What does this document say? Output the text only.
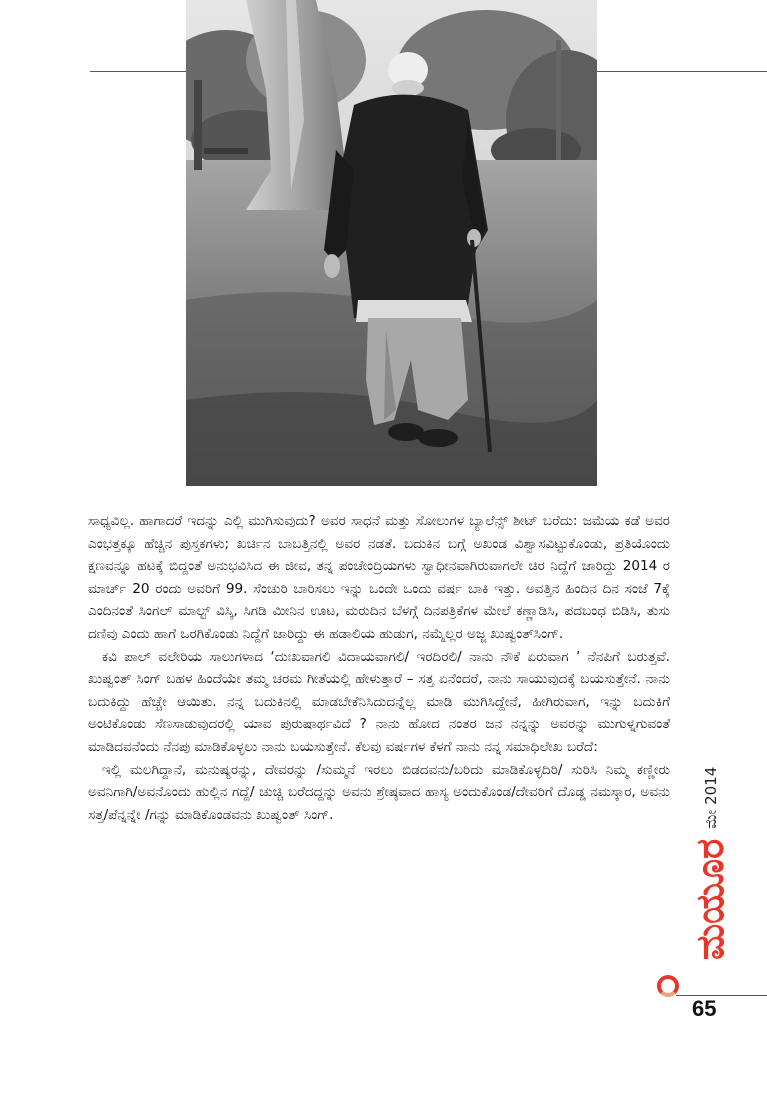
ಸಾಧ್ಯವಿಲ್ಲ. ಹಾಗಾದರೆ ಇದನ್ನು ಎಲ್ಲಿ ಮುಗಿಸುವುದು? ಅವರ ಸಾಧನೆ ಮತ್ತು ಸೋಲುಗಳ ಬ್ಯಾಲೆನ್ಸ್ ಶೀಟ್ ಬರೆದು: ಜಮೆಯ ಕಡೆ ಅವರ ಎಂಭತ್ತಕ್ಕೂ ಹೆಚ್ಚಿನ ಪುಸ್ತಕಗಳು; ಖರ್ಚಿನ ಬಾಬತ್ತಿನಲ್ಲಿ ಅವರ ನಡತೆ. ಬದುಕಿನ ಬಗ್ಗೆ ಅಖಂಡ ವಿಶ್ವಾಸವಿಟ್ಟುಕೊಂಡು, ಪ್ರತಿಯೊಂದು ಕ್ಷಣವನ್ನೂ ಹಟಕ್ಕೆ ಬಿದ್ದಂತೆ ಅನುಭವಿಸಿದ ಈ ಜೀವ, ತನ್ನ ಪಂಚೇಂದ್ರಿಯಗಳು ಸ್ವಾಧೀನವಾಗಿರುವಾಗಲೇ ಚಿರ ನಿದ್ದೆಗೆ ಜಾರಿದ್ದು 2014 ರ ಮಾರ್ಚ್ 20 ರಂದು ಅವರಿಗೆ 99. ಸೆಂಚುರಿ ಬಾರಿಸಲು ಇನ್ನು ಒಂದೇ ಒಂದು ವರ್ಷ ಬಾಕಿ ಇತ್ತು. ಅವತ್ತಿನ ಹಿಂದಿನ ದಿನ ಸಂಜೆ 7ಕ್ಕೆ ಎಂದಿನಂತೆ ಸಿಂಗಲ್ ಮಾಲ್ಟ್ ವಿಸ್ಕಿ, ಸಿಗಡಿ ಮೀನಿನ ಊಟ, ಮರುದಿನ ಬೆಳಗ್ಗೆ ದಿನಪತ್ರಿಕೆಗಳ ಮೇಲೆ ಕಣ್ಣಾಡಿಸಿ, ಪದಬಂಧ ಬಿಡಿಸಿ, ತುಸು ದಣಿವು ಎಂದು ಹಾಗೆ ಒರಗಿಕೊಂಡು ನಿದ್ದೆಗೆ ಜಾರಿದ್ದು ಈ ಹಡಾಲಿಯ ಹುಡುಗ, ನಮ್ಮೆಲ್ಲರ ಅಜ್ಜ ಖುಷ್ವಂತ್‌ಸಿಂಗ್.

ಕವಿ ಪಾಲ್ ವಲೇರಿಯ ಸಾಲುಗಳಾದ ‘ದುಃಖವಾಗಲಿ ವಿದಾಯವಾಗಲಿ/ ಇರದಿರಲಿ/ ನಾನು ನೌಕೆ ಏರುವಾಗ ’ ನೆನಪಿಗೆ ಬರುತ್ತವೆ. ಖುಷ್ವಂತ್ ಸಿಂಗ್ ಬಹಳ ಹಿಂದೆಯೇ ತಮ್ಮ ಚರಮ ಗೀತೆಯಲ್ಲಿ ಹೇಳುತ್ತಾರೆ – ಸತ್ತ ಏನೆಂದರೆ, ನಾನು ಸಾಯುವುದಕ್ಕೆ ಬಯಸುತ್ತೇನೆ. ನಾನು ಬದುಕಿದ್ದು ಹೆಚ್ಚೇ ಆಯಿತು. ನನ್ನ ಬದುಕಿನಲ್ಲಿ ಮಾಡಬೇಕೆನಿಸಿದುದನ್ನೆಲ್ಲ ಮಾಡಿ ಮುಗಿಸಿದ್ದೇನೆ, ಹೀಗಿರುವಾಗ, ಇನ್ನು ಬದುಕಿಗೆ ಅಂಟಿಕೊಂಡು ಸೆಣಸಾಡುವುದರಲ್ಲಿ ಯಾವ ಪುರುಷಾರ್ಥವಿದೆ ? ನಾನು ಹೋದ ನಂತರ ಜನ ನನ್ನನ್ನು ಅವರನ್ನು ಮುಗುಳ್ನಗುವಂತೆ ಮಾಡಿದವನೆಂದು ನೆನಪು ಮಾಡಿಕೊಳ್ಳಲು ನಾನು ಬಯಸುತ್ತೇನೆ. ಕೆಲವು ವರ್ಷಗಳ ಕೆಳಗೆ ನಾನು ನನ್ನ ಸಮಾಧಿಲೇಖ ಬರೆದೆ:

ಇಲ್ಲಿ ಮಲಗಿದ್ದಾನೆ, ಮನುಷ್ಯರನ್ನು, ದೇವರನ್ನು /ಸುಮ್ಮನೆ ಇರಲು ಬಿಡದವನು/ಬರಿದು ಮಾಡಿಕೊಳ್ಳದಿರಿ/ ಸುರಿಸಿ ನಿಮ್ಮ ಕಣ್ಣೀರು ಅವನಿಗಾಗಿ/ಅವನೊಂದು ಹುಲ್ಲಿನ ಗದ್ದೆ/ ಚುಚ್ಚಿ ಬರೆದದ್ದನ್ನು ಅವನು ಶ್ರೇಷ್ಠವಾದ ಹಾಸ್ಯ ಅಂದುಕೊಂಡ/ದೇವರಿಗೆ ದೊಡ್ಡ ನಮಸ್ಕಾರ, ಅವನು ಸತ್ತ/ಪೆನ್ನನ್ನೇ /ಗನ್ನು ಮಾಡಿಕೊಂಡವನು ಖುಷ್ವಂತ್ ಸಿಂಗ್.

ಮಯೂರ
ಮೇ 2014
65
